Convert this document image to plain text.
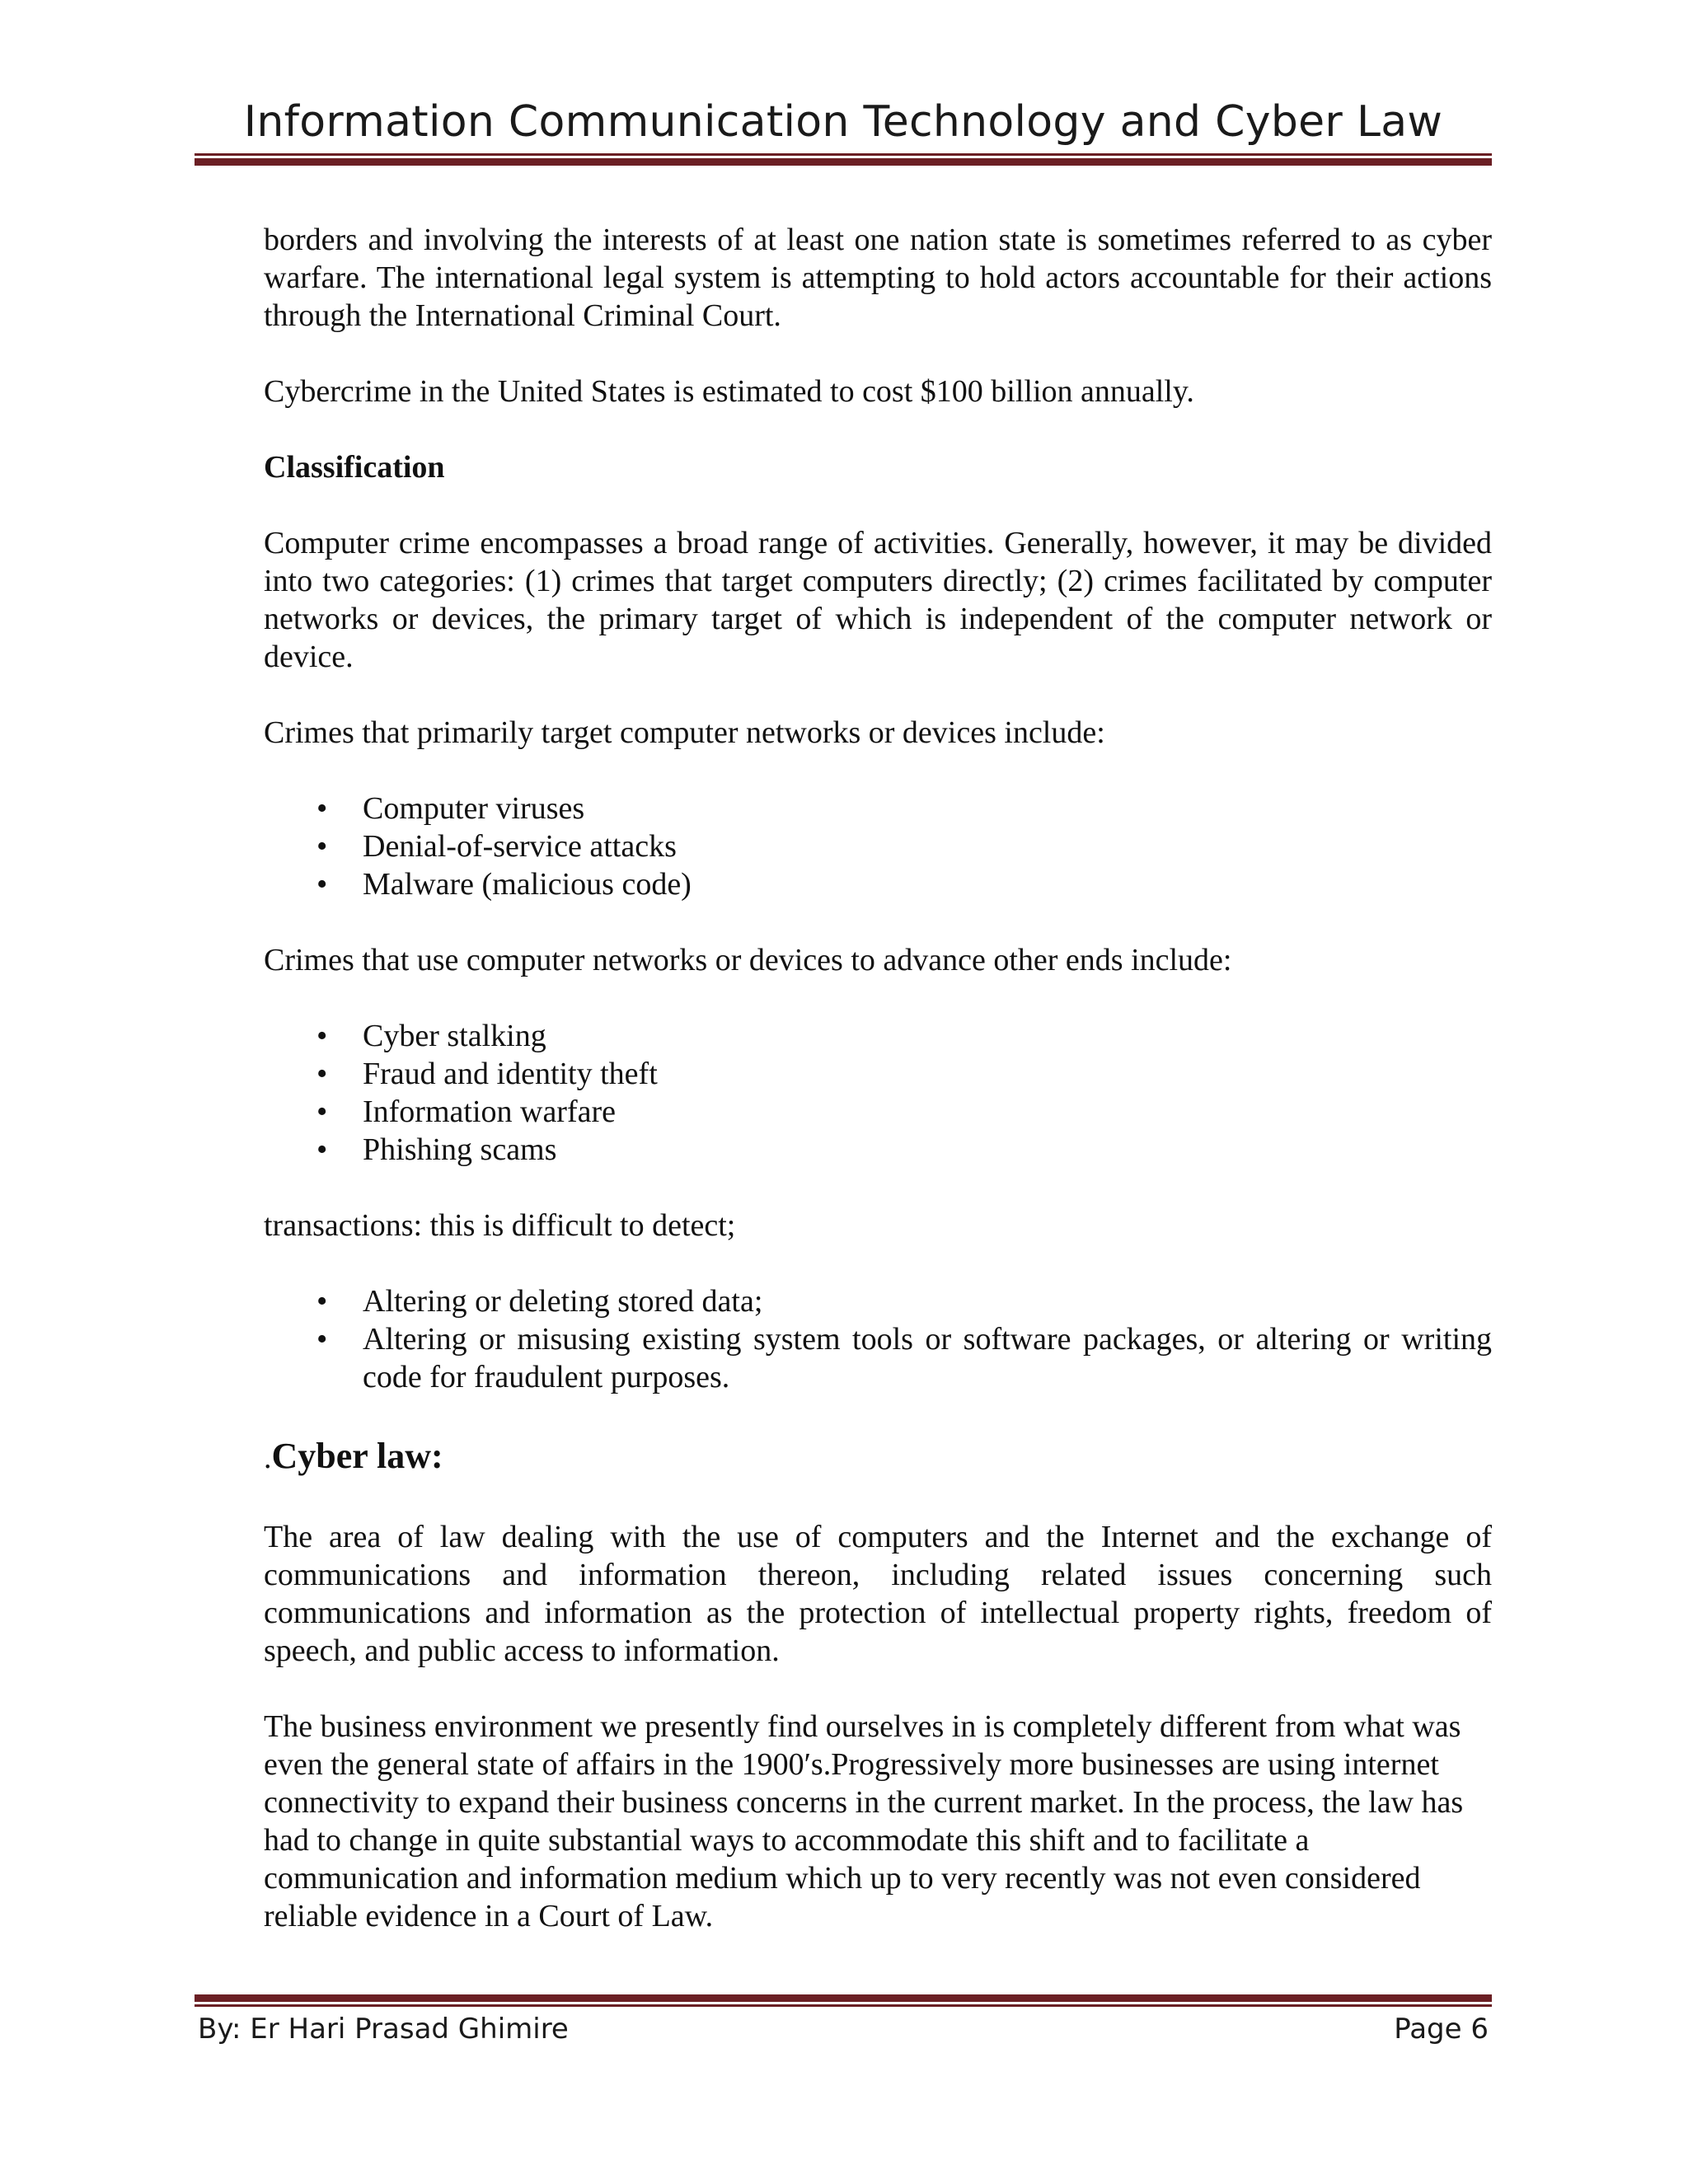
Information Communication Technology and Cyber Law

borders and involving the interests of at least one nation state is sometimes referred to as cyber warfare. The international legal system is attempting to hold actors accountable for their actions through the International Criminal Court.

Cybercrime in the United States is estimated to cost $100 billion annually.

Classification

Computer crime encompasses a broad range of activities. Generally, however, it may be divided into two categories: (1) crimes that target computers directly; (2) crimes facilitated by computer networks or devices, the primary target of which is independent of the computer network or device.

Crimes that primarily target computer networks or devices include:

• Computer viruses
• Denial-of-service attacks
• Malware (malicious code)

Crimes that use computer networks or devices to advance other ends include:

• Cyber stalking
• Fraud and identity theft
• Information warfare
• Phishing scams

transactions: this is difficult to detect;

• Altering or deleting stored data;
• Altering or misusing existing system tools or software packages, or altering or writing code for fraudulent purposes.
.Cyber law:

The area of law dealing with the use of computers and the Internet and the exchange of communications and information thereon, including related issues concerning such communications and information as the protection of intellectual property rights, freedom of speech, and public access to information.

The business environment we presently find ourselves in is completely different from what was even the general state of affairs in the 1900′s.Progressively more businesses are using internet connectivity to expand their business concerns in the current market. In the process, the law has had to change in quite substantial ways to accommodate this shift and to facilitate a communication and information medium which up to very recently was not even considered reliable evidence in a Court of Law.

By: Er Hari Prasad Ghimire	Page 6
